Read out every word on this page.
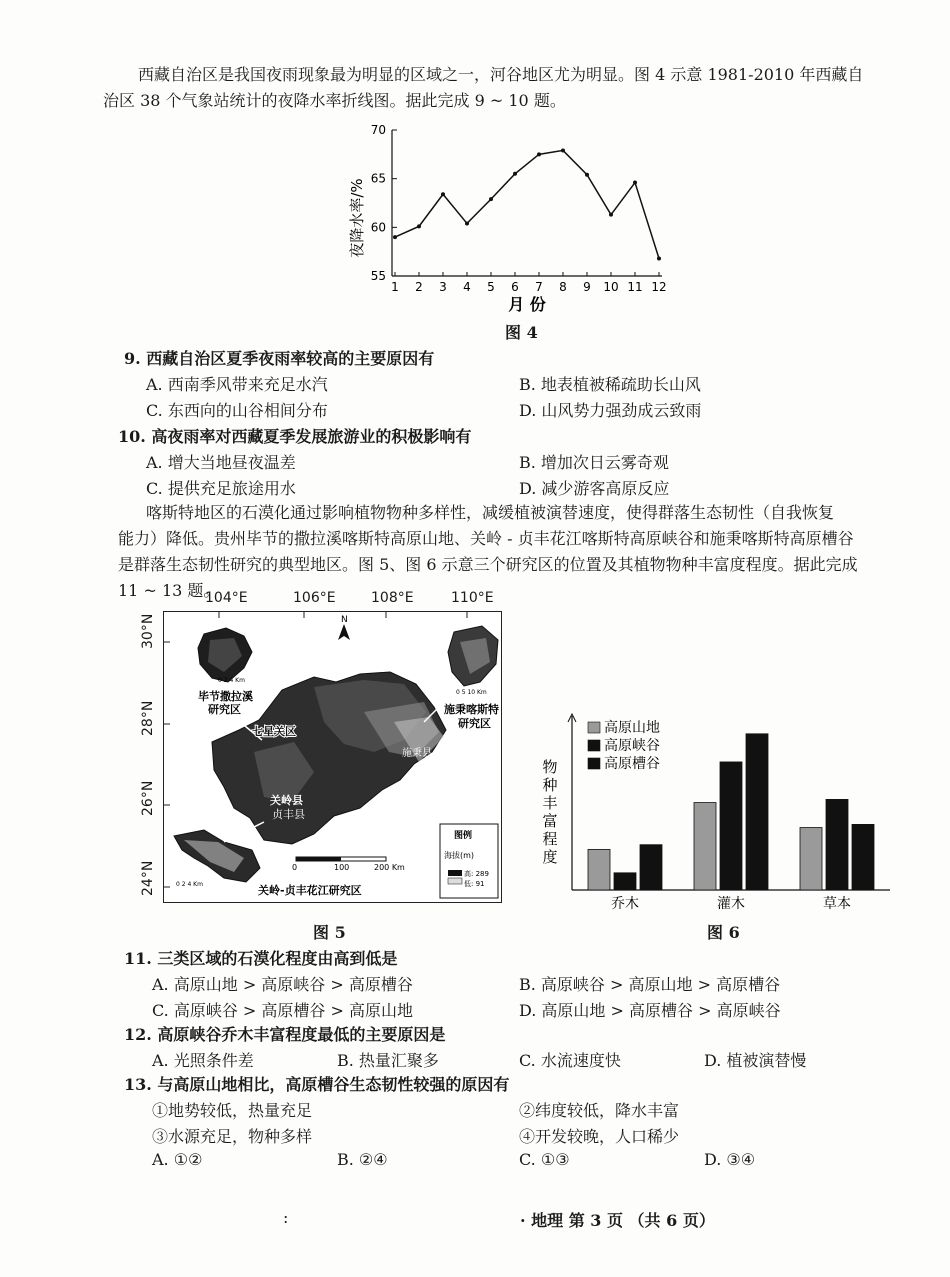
西藏自治区是我国夜雨现象最为明显的区域之一，河谷地区尤为明显。图 4 示意 1981-2010 年西藏自
治区 38 个气象站统计的夜降水率折线图。据此完成 9 ~ 10 题。
55
60
65
70
1 2 3 4 5 6 7 8 9 10 11 12
月 份
夜降水率/%
图 4
9. 西藏自治区夏季夜雨率较高的主要原因有
A. 西南季风带来充足水汽	B. 地表植被稀疏助长山风
C. 东西向的山谷相间分布	D. 山风势力强劲成云致雨
10. 高夜雨率对西藏夏季发展旅游业的积极影响有
A. 增大当地昼夜温差	B. 增加次日云雾奇观
C. 提供充足旅途用水	D. 减少游客高原反应
喀斯特地区的石漠化通过影响植物物种多样性，减缓植被演替速度，使得群落生态韧性（自我恢复
能力）降低。贵州毕节的撒拉溪喀斯特高原山地、关岭 - 贞丰花江喀斯特高原峡谷和施秉喀斯特高原槽谷
是群落生态韧性研究的典型地区。图 5、图 6 示意三个研究区的位置及其植物物种丰富度程度。据此完成
11 ~ 13 题。
104°E	106°E	108°E	110°E
30°N
28°N
26°N
24°N
N
毕节撒拉溪
研究区
0 2 4 Km
七星关区
施秉喀斯特
研究区
0 5 10 Km
施秉县
关岭县
贞丰县
关岭-贞丰花江研究区
0 2 4 Km
0	100	200 Km
图例
海拔(m)
高: 289
低: 91
图 5
乔木	灌木	草本
高原山地
高原峡谷
高原槽谷
物
种
丰
富
程
度
图 6
11. 三类区域的石漠化程度由高到低是
A. 高原山地 > 高原峡谷 > 高原槽谷	B. 高原峡谷 > 高原山地 > 高原槽谷
C. 高原峡谷 > 高原槽谷 > 高原山地	D. 高原山地 > 高原槽谷 > 高原峡谷
12. 高原峡谷乔木丰富程度最低的主要原因是
A. 光照条件差	B. 热量汇聚多	C. 水流速度快	D. 植被演替慢
13. 与高原山地相比，高原槽谷生态韧性较强的原因有
①地势较低，热量充足	②纬度较低，降水丰富
③水源充足，物种多样	④开发较晚，人口稀少
A. ①②	B. ②④	C. ①③	D. ③④
:	· 地理 第 3 页 （共 6 页）
